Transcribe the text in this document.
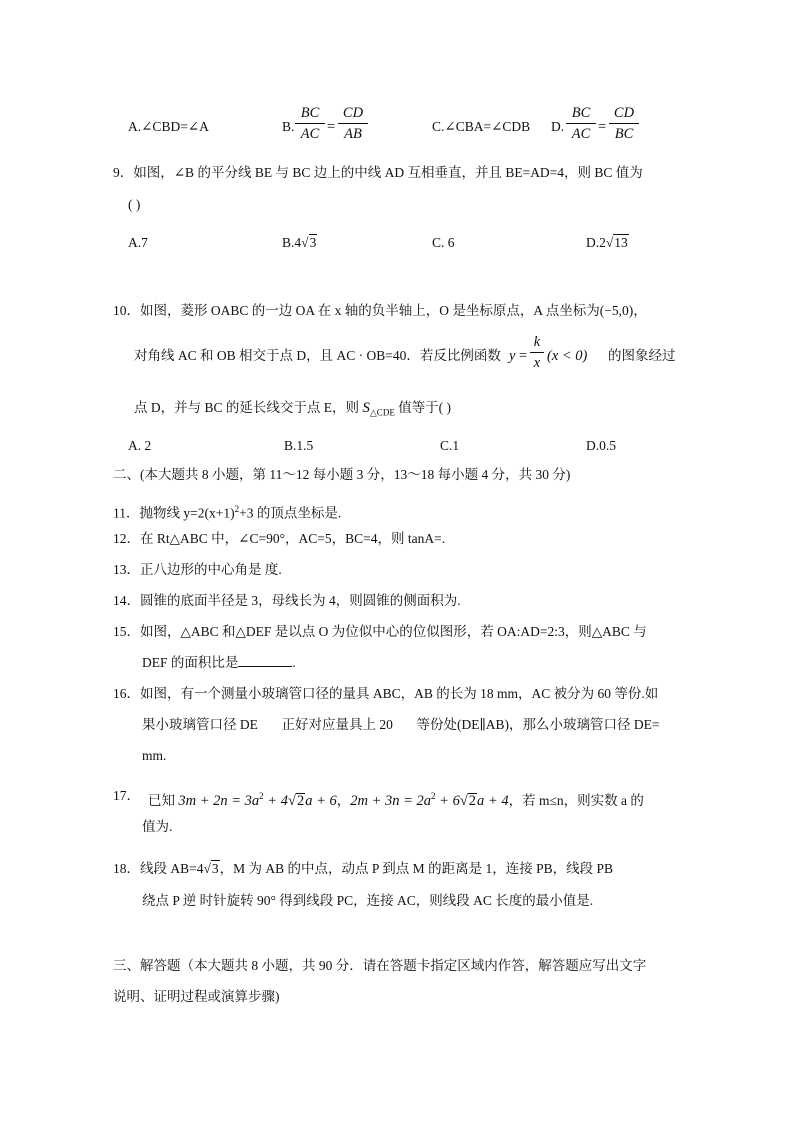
A.∠CBD=∠A	B.
BC
AC =
CD
AB	C.∠CBA=∠CDB D.
BC
AC =
CD
BC
9．如图，∠B 的平分线 BE 与 BC 边上的中线 AD 互相垂直，并且 BE=AD=4，则 BC 值为
( )
A.7	B.4√3	C. 6	D.2√13
10．如图，菱形 OABC 的一边 OA 在 x 轴的负半轴上，O 是坐标原点，A 点坐标为(−5,0)，
对角线 AC 和 OB 相交于点 D，且 AC · OB=40．若反比例函数 y =
k
x (x < 0) 的图象经过
点 D，并与 BC 的延长线交于点 E，则 $S_{\triangle CDE}$ 值等于( )
A. 2	B.1.5	C.1	D.0.5
二、(本大题共 8 小题，第 11～12 每小题 3 分，13～18 每小题 4 分，共 30 分)
11．抛物线 $y=2(x+1)^2+3$ 的顶点坐标是.
12．在 Rt△ABC 中，∠C=90°，AC=5，BC=4，则 tanA=.
13．正八边形的中心角是 度.
14．圆锥的底面半径是 3，母线长为 4，则圆锥的侧面积为.
15．如图，△ABC 和△DEF 是以点 O 为位似中心的位似图形，若 OA:AD=2:3，则△ABC 与
DEF 的面积比是	.
16．如图，有一个测量小玻璃管口径的量具 ABC，AB 的长为 18 mm，AC 被分为 60 等份.如
果小玻璃管口径 DE       正好对应量具上 20       等份处(DE∥AB)，那么小玻璃管口径 DE=
mm.
17． 已知 $3m + 2n = 3a^2 + 4√2a + 6$，$2m + 3n = 2a^2 + 6√2a + 4$，若 m≤n，则实数 a 的
值为.
18．线段 AB=4√3，M 为 AB 的中点，动点 P 到点 M 的距离是 1，连接 PB，线段 PB
绕点 P 逆 时针旋转 90° 得到线段 PC，连接 AC，则线段 AC 长度的最小值是.
三、解答题（本大题共 8 小题，共 90 分．请在答题卡指定区域内作答，解答题应写出文字
说明、证明过程或演算步骤)
